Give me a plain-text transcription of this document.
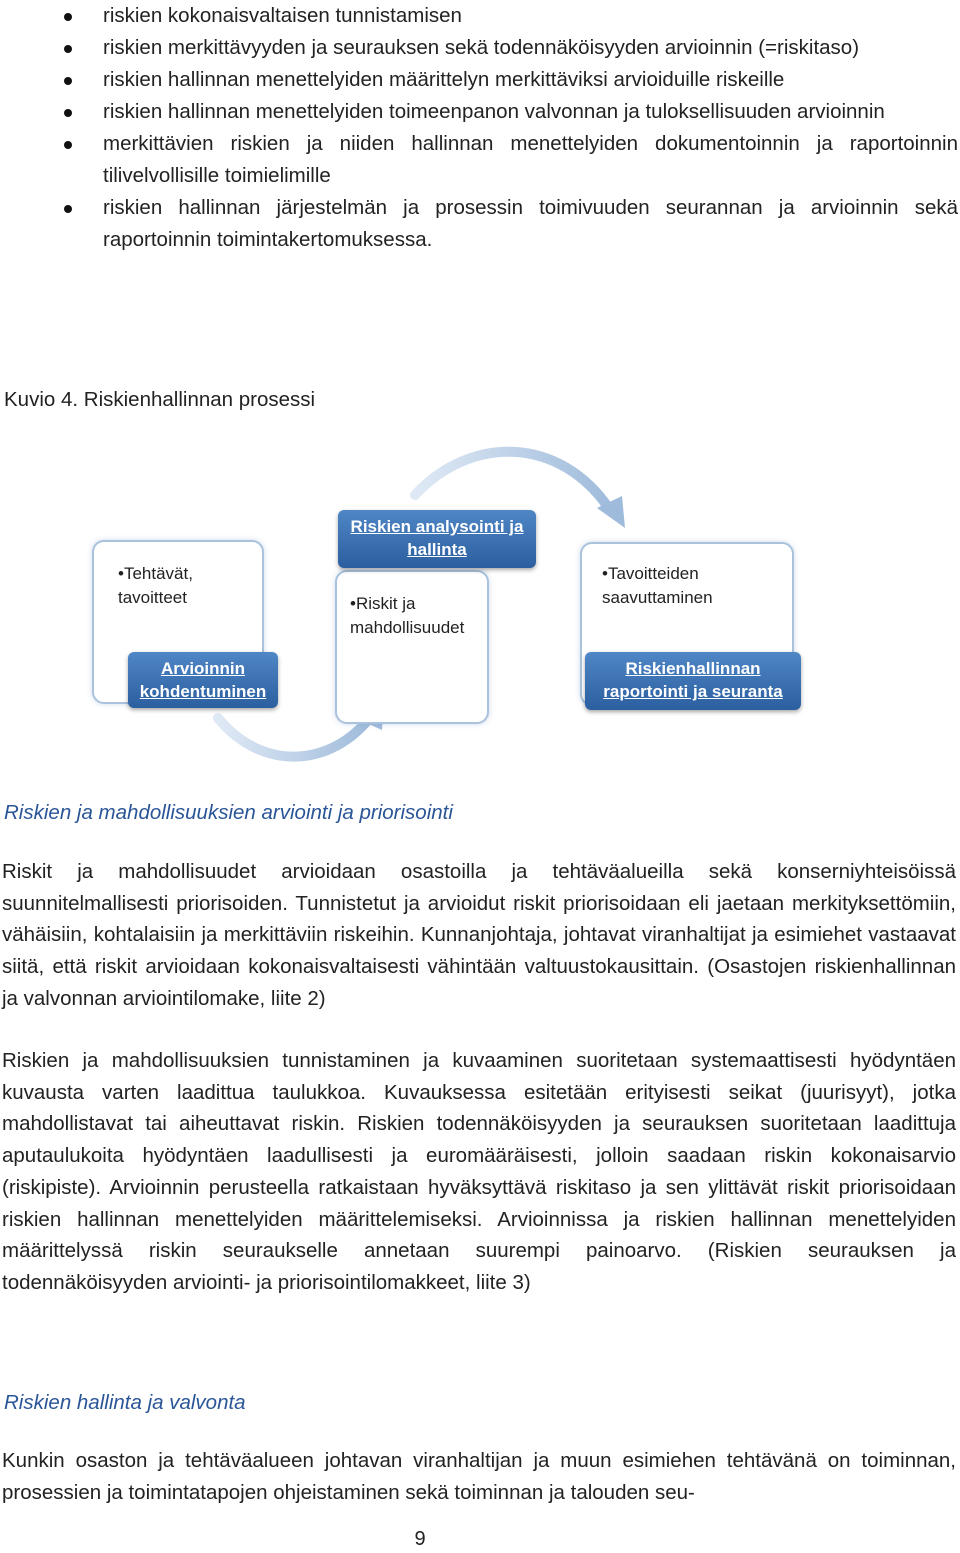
riskien kokonaisvaltaisen tunnistamisen
riskien merkittävyyden ja seurauksen sekä todennäköisyyden arvioinnin (=riskitaso)
riskien hallinnan menettelyiden määrittelyn merkittäviksi arvioiduille riskeille
riskien hallinnan menettelyiden toimeenpanon valvonnan ja tuloksellisuuden arvioinnin
merkittävien riskien ja niiden hallinnan menettelyiden dokumentoinnin ja raportoinnin tilivelvollisille toimielimille
riskien hallinnan järjestelmän ja prosessin toimivuuden seurannan ja arvioinnin sekä raportoinnin toimintakertomuksessa.
Kuvio 4. Riskienhallinnan prosessi
•Tehtävät, tavoitteet
Arvioinnin kohdentuminen
•Riskit ja mahdollisuudet
Riskien analysointi ja hallinta
•Tavoitteiden saavuttaminen
Riskienhallinnan raportointi ja seuranta
Riskien ja mahdollisuuksien arviointi ja priorisointi

Riskit ja mahdollisuudet arvioidaan osastoilla ja tehtäväalueilla sekä konserniyhteisöissä suunnitelmallisesti priorisoiden. Tunnistetut ja arvioidut riskit priorisoidaan eli jaetaan merkityksettömiin, vähäisiin, kohtalaisiin ja merkittäviin riskeihin. Kunnanjohtaja, johtavat viranhaltijat ja esimiehet vastaavat siitä, että riskit arvioidaan kokonaisvaltaisesti vähintään valtuustokausittain. (Osastojen riskienhallinnan ja valvonnan arviointilomake, liite 2)

Riskien ja mahdollisuuksien tunnistaminen ja kuvaaminen suoritetaan systemaattisesti hyödyntäen kuvausta varten laadittua taulukkoa. Kuvauksessa esitetään erityisesti seikat (juurisyyt), jotka mahdollistavat tai aiheuttavat riskin. Riskien todennäköisyyden ja seurauksen suoritetaan laadittuja aputaulukoita hyödyntäen laadullisesti ja euromääräisesti, jolloin saadaan riskin kokonaisarvio (riskipiste). Arvioinnin perusteella ratkaistaan hyväksyttävä riskitaso ja sen ylittävät riskit priorisoidaan riskien hallinnan menettelyiden määrittelemiseksi. Arvioinnissa ja riskien hallinnan menettelyiden määrittelyssä riskin seuraukselle annetaan suurempi painoarvo. (Riskien seurauksen ja todennäköisyyden arviointi- ja priorisointilomakkeet, liite 3)

Riskien hallinta ja valvonta

Kunkin osaston ja tehtäväalueen johtavan viranhaltijan ja muun esimiehen tehtävänä on toiminnan, prosessien ja toimintatapojen ohjeistaminen sekä toiminnan ja talouden seu-

9
